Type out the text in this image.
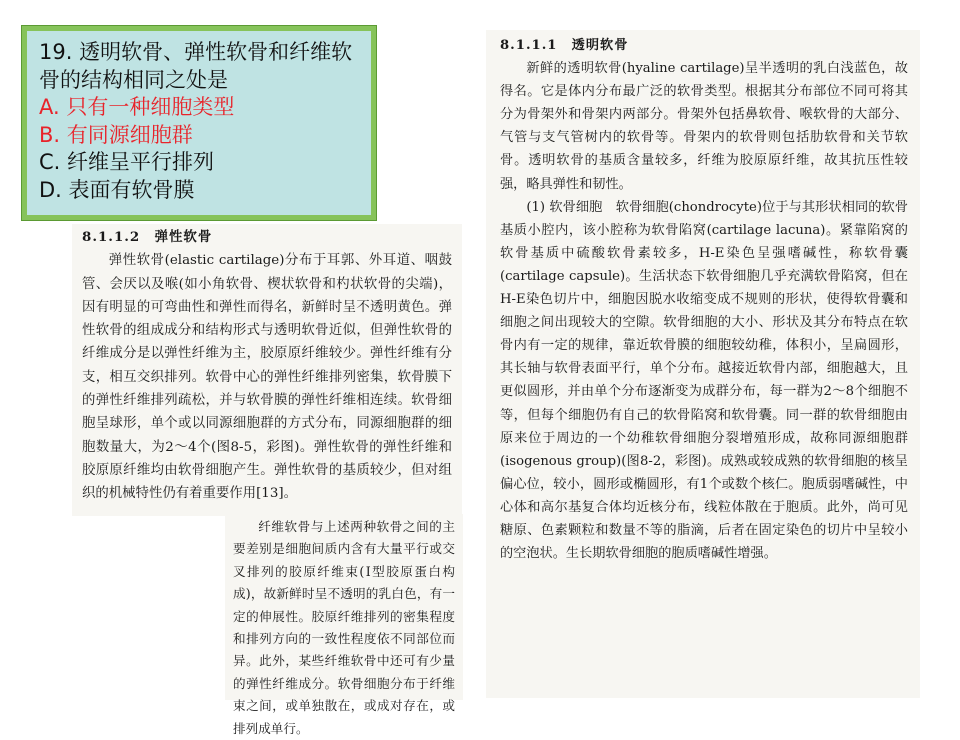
19. 透明软骨、弹性软骨和纤维软骨的结构相同之处是
A. 只有一种细胞类型
B. 有同源细胞群
C. 纤维呈平行排列
D. 表面有软骨膜

8.1.1.2　弹性软骨

弹性软骨(elastic cartilage)分布于耳郭、外耳道、咽鼓管、会厌以及喉(如小角软骨、楔状软骨和杓状软骨的尖端)，因有明显的可弯曲性和弹性而得名，新鲜时呈不透明黄色。弹性软骨的组成成分和结构形式与透明软骨近似，但弹性软骨的纤维成分是以弹性纤维为主，胶原原纤维较少。弹性纤维有分支，相互交织排列。软骨中心的弹性纤维排列密集，软骨膜下的弹性纤维排列疏松，并与软骨膜的弹性纤维相连续。软骨细胞呈球形，单个或以同源细胞群的方式分布，同源细胞群的细胞数量大，为2～4个(图8-5，彩图)。弹性软骨的弹性纤维和胶原原纤维均由软骨细胞产生。弹性软骨的基质较少，但对组织的机械特性仍有着重要作用[13]。

纤维软骨与上述两种软骨之间的主要差别是细胞间质内含有大量平行或交叉排列的胶原纤维束(Ⅰ型胶原蛋白构成)，故新鲜时呈不透明的乳白色，有一定的伸展性。胶原纤维排列的密集程度和排列方向的一致性程度依不同部位而异。此外，某些纤维软骨中还可有少量的弹性纤维成分。软骨细胞分布于纤维束之间，或单独散在，或成对存在，或排列成单行。

8.1.1.1　透明软骨

新鲜的透明软骨(hyaline cartilage)呈半透明的乳白浅蓝色，故得名。它是体内分布最广泛的软骨类型。根据其分布部位不同可将其分为骨架外和骨架内两部分。骨架外包括鼻软骨、喉软骨的大部分、气管与支气管树内的软骨等。骨架内的软骨则包括肋软骨和关节软骨。透明软骨的基质含量较多，纤维为胶原原纤维，故其抗压性较强，略具弹性和韧性。

(1) 软骨细胞　软骨细胞(chondrocyte)位于与其形状相同的软骨基质小腔内，该小腔称为软骨陷窝(cartilage lacuna)。紧靠陷窝的软骨基质中硫酸软骨素较多，H-E染色呈强嗜碱性，称软骨囊(cartilage capsule)。生活状态下软骨细胞几乎充满软骨陷窝，但在H-E染色切片中，细胞因脱水收缩变成不规则的形状，使得软骨囊和细胞之间出现较大的空隙。软骨细胞的大小、形状及其分布特点在软骨内有一定的规律，靠近软骨膜的细胞较幼稚，体积小，呈扁圆形，其长轴与软骨表面平行，单个分布。越接近软骨内部，细胞越大，且更似圆形，并由单个分布逐渐变为成群分布，每一群为2～8个细胞不等，但每个细胞仍有自己的软骨陷窝和软骨囊。同一群的软骨细胞由原来位于周边的一个幼稚软骨细胞分裂增殖形成，故称同源细胞群(isogenous group)(图8-2，彩图)。成熟或较成熟的软骨细胞的核呈偏心位，较小，圆形或椭圆形，有1个或数个核仁。胞质弱嗜碱性，中心体和高尔基复合体均近核分布，线粒体散在于胞质。此外，尚可见糖原、色素颗粒和数量不等的脂滴，后者在固定染色的切片中呈较小的空泡状。生长期软骨细胞的胞质嗜碱性增强。
